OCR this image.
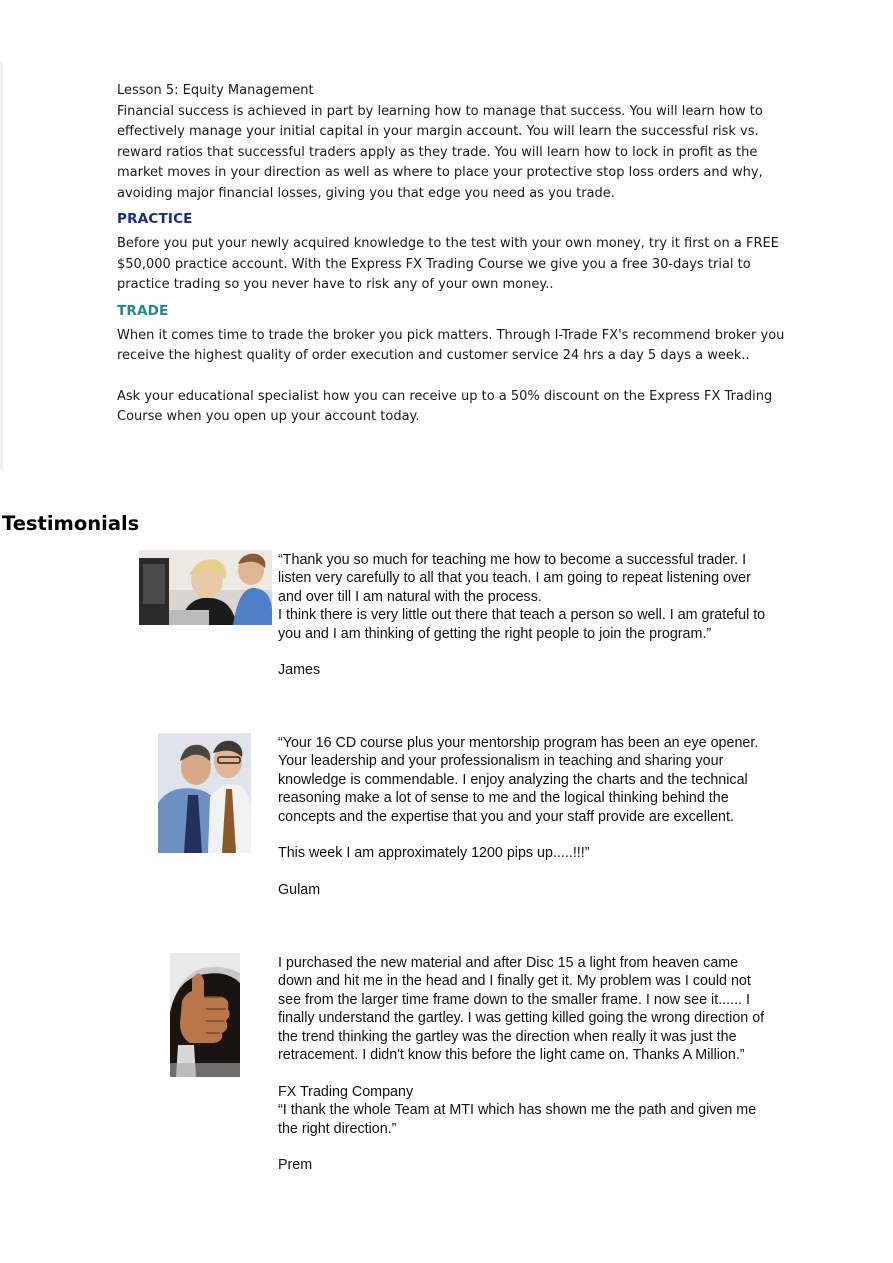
Lesson 5: Equity Management

Financial success is achieved in part by learning how to manage that success. You will learn how to effectively manage your initial capital in your margin account. You will learn the successful risk vs. reward ratios that successful traders apply as they trade. You will learn how to lock in profit as the market moves in your direction as well as where to place your protective stop loss orders and why, avoiding major financial losses, giving you that edge you need as you trade.

PRACTICE

Before you put your newly acquired knowledge to the test with your own money, try it first on a FREE $50,000 practice account. With the Express FX Trading Course we give you a free 30-days trial to practice trading so you never have to risk any of your own money..

TRADE

When it comes time to trade the broker you pick matters. Through I-Trade FX's recommend broker you receive the highest quality of order execution and customer service 24 hrs a day 5 days a week..

Ask your educational specialist how you can receive up to a 50% discount on the Express FX Trading Course when you open up your account today.

Testimonials

“Thank you so much for teaching me how to become a successful trader. I listen very carefully to all that you teach. I am going to repeat listening over and over till I am natural with the process.

I think there is very little out there that teach a person so well. I am grateful to you and I am thinking of getting the right people to join the program.”

James

“Your 16 CD course plus your mentorship program has been an eye opener. Your leadership and your professionalism in teaching and sharing your knowledge is commendable. I enjoy analyzing the charts and the technical reasoning make a lot of sense to me and the logical thinking behind the concepts and the expertise that you and your staff provide are excellent.

This week I am approximately 1200 pips up.....!!!”

Gulam

I purchased the new material and after Disc 15 a light from heaven came down and hit me in the head and I finally get it. My problem was I could not see from the larger time frame down to the smaller frame. I now see it...... I finally understand the gartley. I was getting killed going the wrong direction of the trend thinking the gartley was the direction when really it was just the retracement. I didn't know this before the light came on. Thanks A Million.”

FX Trading Company

“I thank the whole Team at MTI which has shown me the path and given me the right direction.”

Prem
